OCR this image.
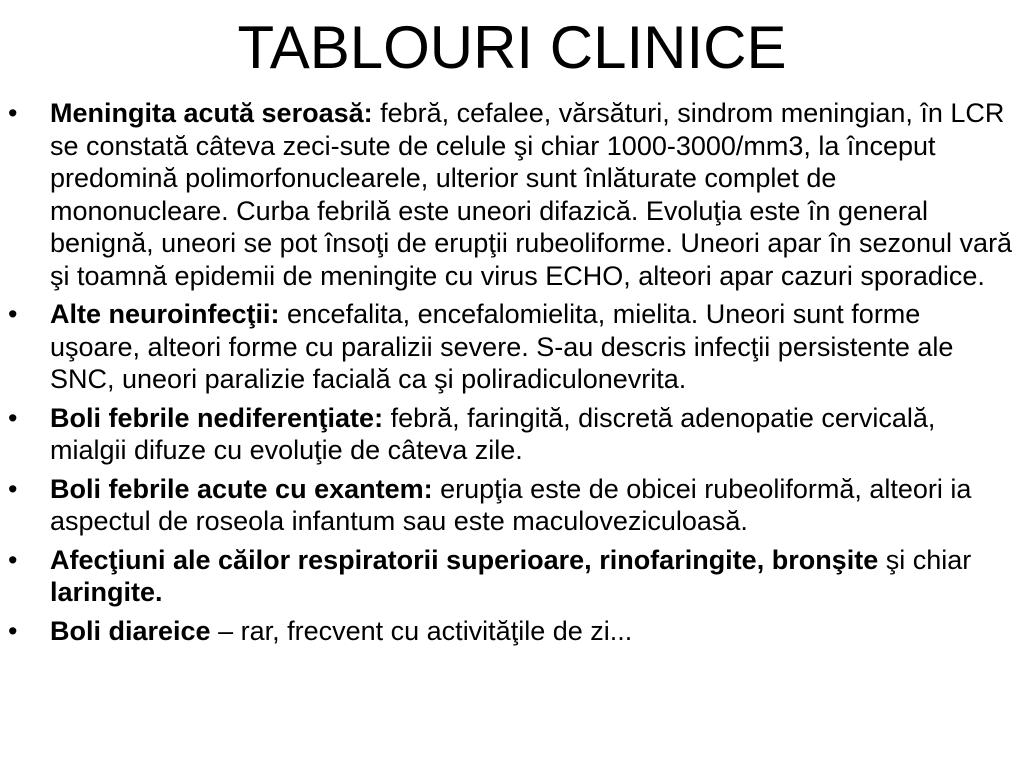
TABLOURI CLINICE
• Meningita acută seroasă: febră, cefalee, vărsături, sindrom meningian, în LCR se constată câteva zeci-sute de celule şi chiar 1000-3000/mm3, la început predomină polimorfonuclearele, ulterior sunt înlăturate complet de mononucleare. Curba febrilă este uneori difazică. Evoluţia este în general benignă, uneori se pot însoţi de erupţii rubeoliforme. Uneori apar în sezonul vară şi toamnă epidemii de meningite cu virus ECHO, alteori apar cazuri sporadice.
• Alte neuroinfecţii: encefalita, encefalomielita, mielita. Uneori sunt forme uşoare, alteori forme cu paralizii severe. S-au descris infecţii persistente ale SNC, uneori paralizie facială ca şi poliradiculonevrita.
• Boli febrile nediferenţiate: febră, faringită, discretă adenopatie cervicală, mialgii difuze cu evoluţie de câteva zile.
• Boli febrile acute cu exantem: erupţia este de obicei rubeoliformă, alteori ia aspectul de roseola infantum sau este maculoveziculoasă.
• Afecţiuni ale căilor respiratorii superioare, rinofaringite, bronşite şi chiar laringite.
• Boli diareice – rar, frecvent cu activităţile de zi...
